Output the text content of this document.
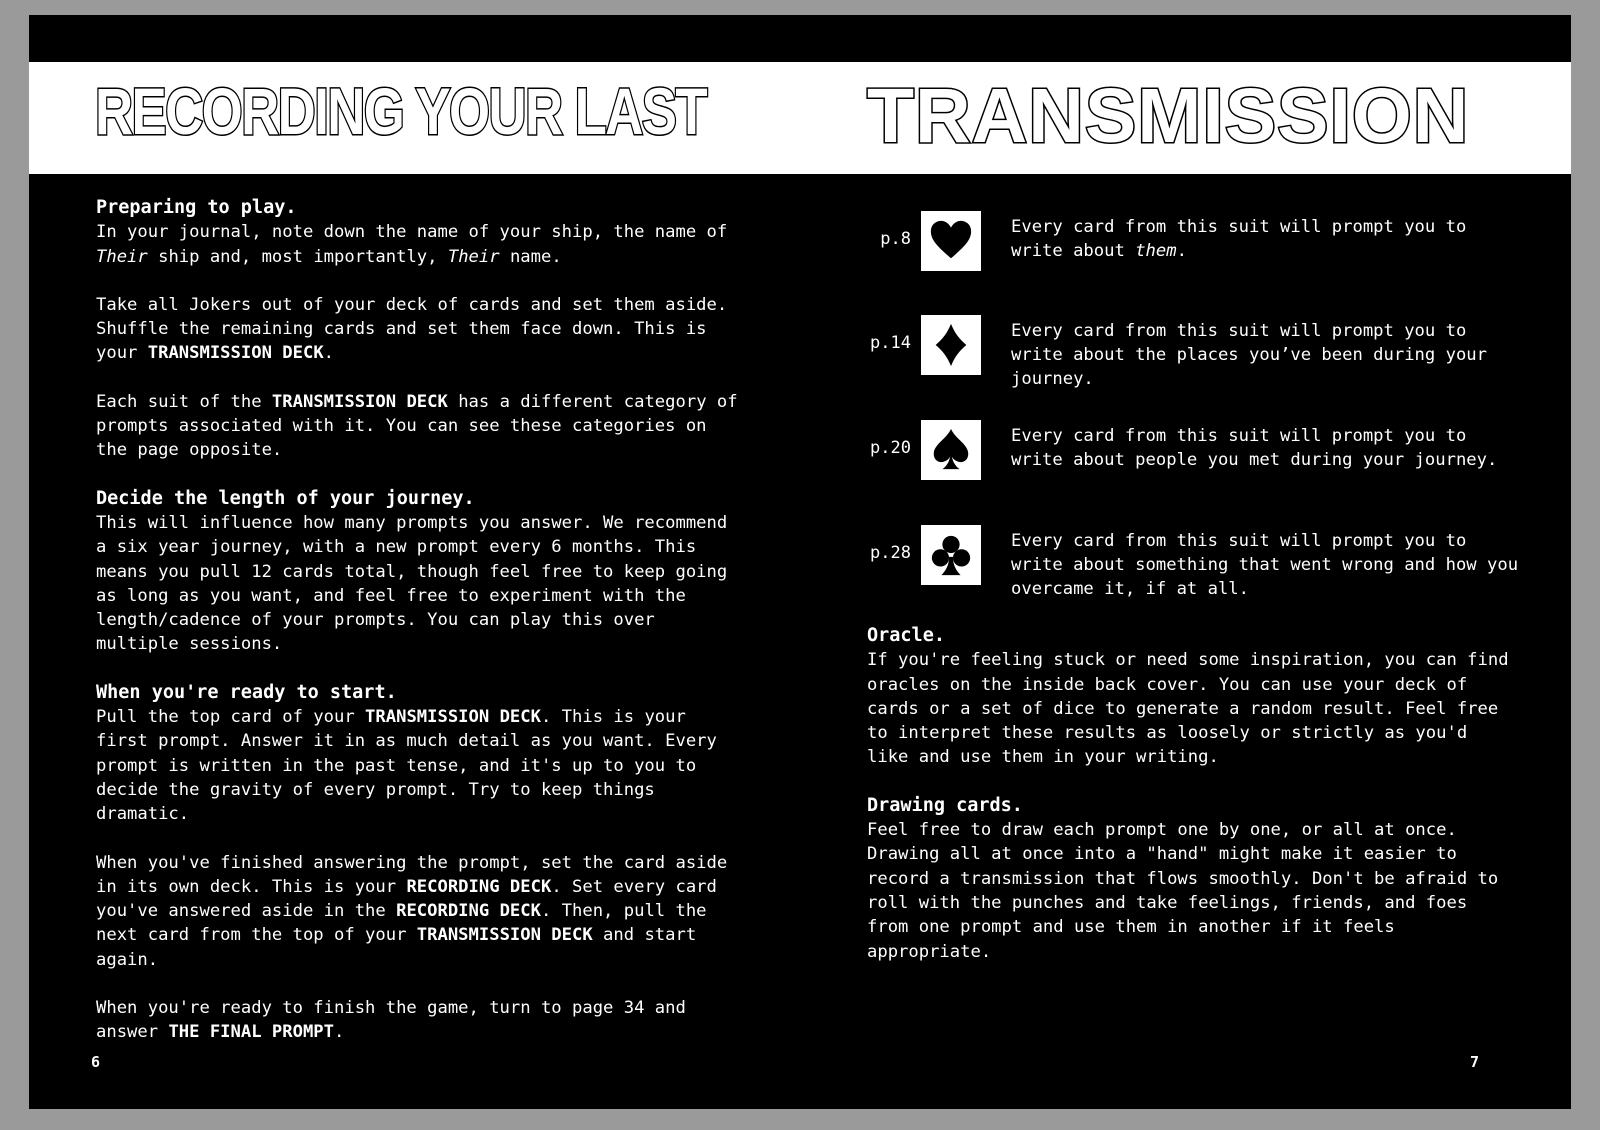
RECORDING YOUR LAST TRANSMISSION
Preparing to play.
In your journal, note down the name of your ship, the name of Their ship and, most importantly, Their name.
Take all Jokers out of your deck of cards and set them aside. Shuffle the remaining cards and set them face down. This is your TRANSMISSION DECK.
Each suit of the TRANSMISSION DECK has a different category of prompts associated with it. You can see these categories on the page opposite.
Decide the length of your journey.
This will influence how many prompts you answer. We recommend a six year journey, with a new prompt every 6 months. This means you pull 12 cards total, though feel free to keep going as long as you want, and feel free to experiment with the length/cadence of your prompts. You can play this over multiple sessions.
When you're ready to start.
Pull the top card of your TRANSMISSION DECK. This is your first prompt. Answer it in as much detail as you want. Every prompt is written in the past tense, and it's up to you to decide the gravity of every prompt. Try to keep things dramatic.
When you've finished answering the prompt, set the card aside in its own deck. This is your RECORDING DECK. Set every card you've answered aside in the RECORDING DECK. Then, pull the next card from the top of your TRANSMISSION DECK and start again.
When you're ready to finish the game, turn to page 34 and answer THE FINAL PROMPT.
p.8
Every card from this suit will prompt you to write about them.
p.14
Every card from this suit will prompt you to write about the places you’ve been during your journey.
p.20
Every card from this suit will prompt you to write about people you met during your journey.
p.28
Every card from this suit will prompt you to write about something that went wrong and how you overcame it, if at all.
Oracle.
If you're feeling stuck or need some inspiration, you can find oracles on the inside back cover. You can use your deck of cards or a set of dice to generate a random result. Feel free to interpret these results as loosely or strictly as you'd like and use them in your writing.
Drawing cards.
Feel free to draw each prompt one by one, or all at once. Drawing all at once into a "hand" might make it easier to record a transmission that flows smoothly. Don't be afraid to roll with the punches and take feelings, friends, and foes from one prompt and use them in another if it feels appropriate.
6	7
